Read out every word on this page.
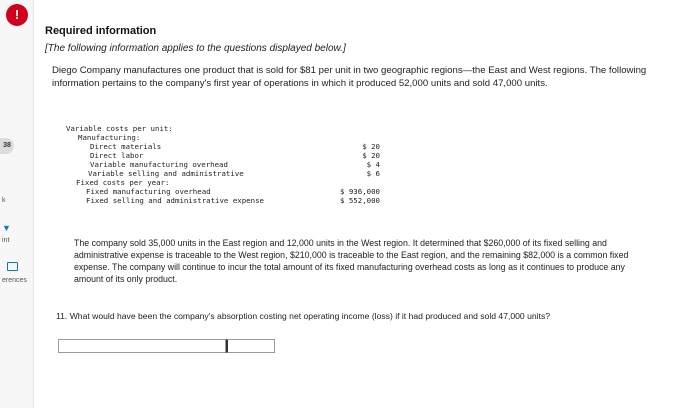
!
38
k
▼
int
erences
Required information
[The following information applies to the questions displayed below.]
Diego Company manufactures one product that is sold for $81 per unit in two geographic regions—the East and West regions. The following information pertains to the company's first year of operations in which it produced 52,000 units and sold 47,000 units.
Variable costs per unit:
Manufacturing:
Direct materials	$ 20
Direct labor	$ 20
Variable manufacturing overhead	$ 4
Variable selling and administrative	$ 6
Fixed costs per year:
Fixed manufacturing overhead	$ 936,000
Fixed selling and administrative expense	$ 552,000
The company sold 35,000 units in the East region and 12,000 units in the West region. It determined that $260,000 of its fixed selling and administrative expense is traceable to the West region, $210,000 is traceable to the East region, and the remaining $82,000 is a common fixed expense. The company will continue to incur the total amount of its fixed manufacturing overhead costs as long as it continues to produce any amount of its only product.
11. What would have been the company's absorption costing net operating income (loss) if it had produced and sold 47,000 units?
